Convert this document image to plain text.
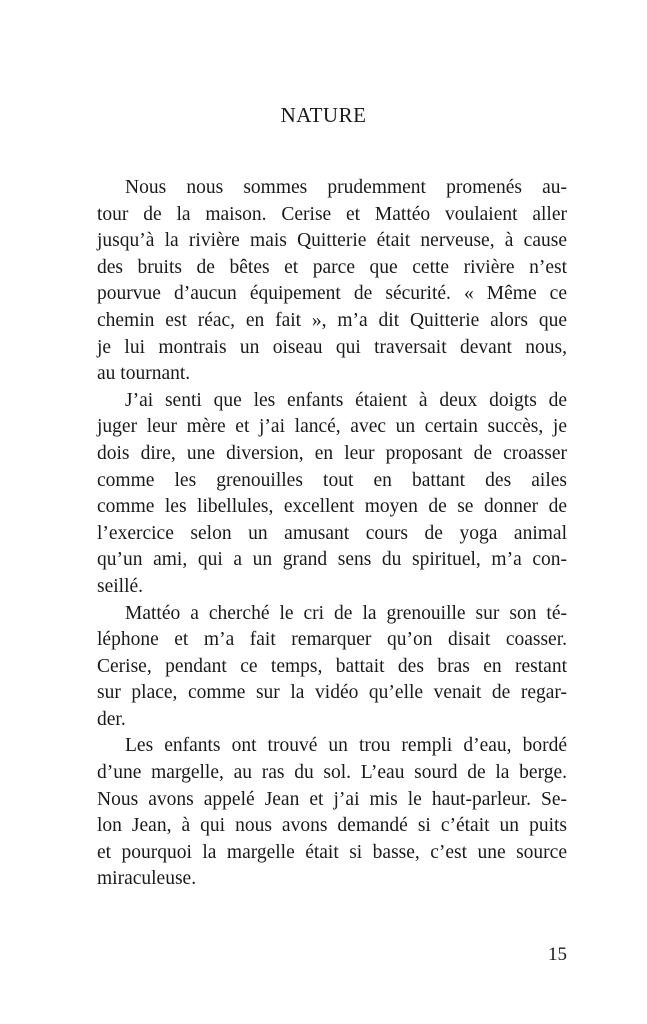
NATURE
Nous nous sommes prudemment promenés au-
tour de la maison. Cerise et Mattéo voulaient aller
jusqu’à la rivière mais Quitterie était nerveuse, à cause
des bruits de bêtes et parce que cette rivière n’est
pourvue d’aucun équipement de sécurité. « Même ce
chemin est réac, en fait », m’a dit Quitterie alors que
je lui montrais un oiseau qui traversait devant nous,
au tournant.
J’ai senti que les enfants étaient à deux doigts de
juger leur mère et j’ai lancé, avec un certain succès, je
dois dire, une diversion, en leur proposant de croasser
comme les grenouilles tout en battant des ailes
comme les libellules, excellent moyen de se donner de
l’exercice selon un amusant cours de yoga animal
qu’un ami, qui a un grand sens du spirituel, m’a con-
seillé.
Mattéo a cherché le cri de la grenouille sur son té-
léphone et m’a fait remarquer qu’on disait coasser.
Cerise, pendant ce temps, battait des bras en restant
sur place, comme sur la vidéo qu’elle venait de regar-
der.
Les enfants ont trouvé un trou rempli d’eau, bordé
d’une margelle, au ras du sol. L’eau sourd de la berge.
Nous avons appelé Jean et j’ai mis le haut-parleur. Se-
lon Jean, à qui nous avons demandé si c’était un puits
et pourquoi la margelle était si basse, c’est une source
miraculeuse.
15
